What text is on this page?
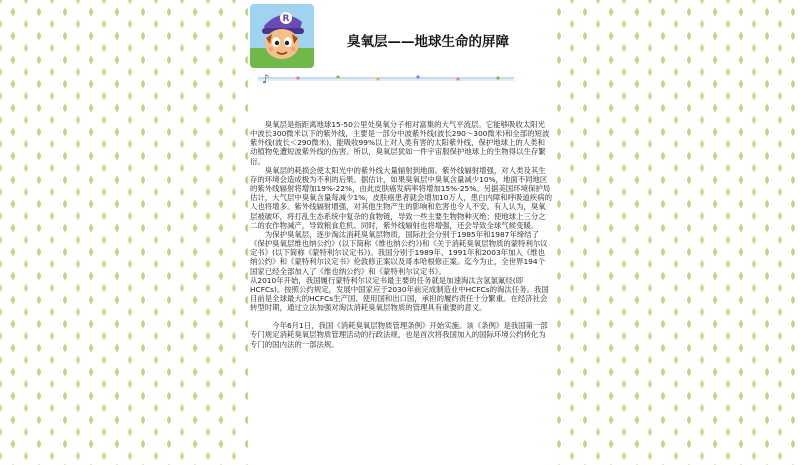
R
臭氧层——地球生命的屏障
♪

臭氧层是指距离地球15-50公里处臭氧分子相对富集的大气平流层。它能够吸收太阳光中波长300微米以下的紫外线，主要是一部分中波紫外线(波长290～300微米)和全部的短波紫外线(波长＜290微米)，能吸收99%以上对人类有害的太阳紫外线，保护地球上的人类和动植物免遭短波紫外线的伤害。所以，臭氧层犹如一件宇宙服保护地球上的生物得以生存繁衍。

臭氧层的耗损会使太阳光中的紫外线大量辐射到地面。紫外线辐射增强，对人类及其生存的环境会造成极为不利的后果。据估计，如果臭氧层中臭氧含量减少10%，地面不同地区的紫外线辐射将增加19%-22%，由此皮肤癌发病率将增加15%-25%。另据美国环境保护局估计，大气层中臭氧含量每减少1%，皮肤癌患者就会增加10万人，患白内障和呼吸道疾病的人也将增多。紫外线辐射增强，对其他生物产生的影响和危害也令人不安。有人认为，臭氧层被破坏，将打乱生态系统中复杂的食物链，导致一些主要生物物种灭绝；使地球上三分之二的农作物减产，导致粮食危机。同时，紫外线辐射也将增强，还会导致全球气候变暖。

为保护臭氧层，逐步淘汰消耗臭氧层物质，国际社会分别于1985年和1987年缔结了《保护臭氧层维也纳公约》(以下简称《维也纳公约》)和《关于消耗臭氧层物质的蒙特利尔议定书》(以下简称《蒙特利尔议定书》)。我国分别于1989年、1991年和2003年加入《维也纳公约》和《蒙特利尔议定书》伦敦修正案以及哥本哈根修正案。迄今为止，全世界194个国家已经全部加入了《维也纳公约》和《蒙特利尔议定书》。

从2010年开始，我国履行蒙特利尔议定书最主要的任务就是加速淘汰含氢氯氟烃(即HCFCs)。按照公约规定，发展中国家应于2030年前完成制造业中HCFCs的淘汰任务。我国目前是全球最大的HCFCs生产国、使用国和出口国，承担的履约责任十分繁重。在经济社会转型时期，通过立法加强对淘汰消耗臭氧层物质的管理具有重要的意义。

今年6月1日，我国《消耗臭氧层物质管理条例》开始实施。该《条例》是我国第一部专门规定消耗臭氧层物质管理活动的行政法规，也是首次将我国加入的国际环境公约转化为专门的国内法的一部法规。
